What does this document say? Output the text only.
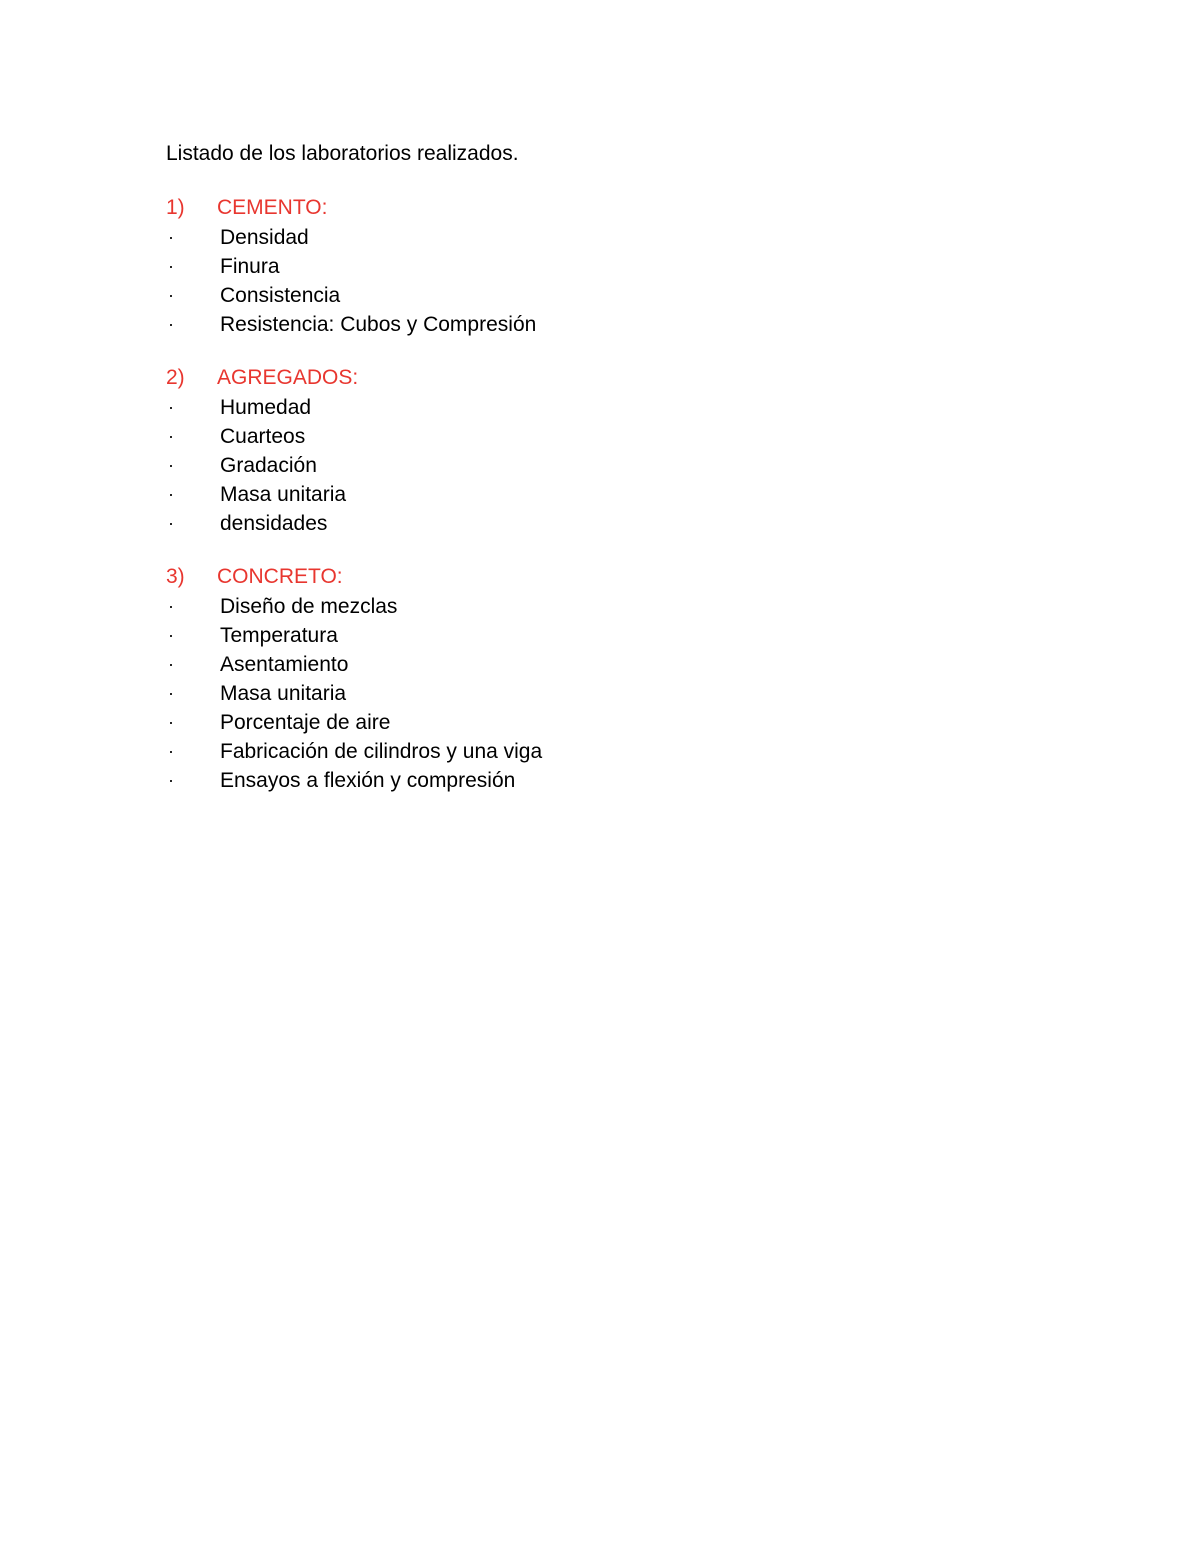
Listado de los laboratorios realizados.
1)	CEMENTO:
·	Densidad
·	Finura
·	Consistencia
·	Resistencia: Cubos y Compresión
2)	AGREGADOS:
·	Humedad
·	Cuarteos
·	Gradación
·	Masa unitaria
·	densidades
3)	CONCRETO:
·	Diseño de mezclas
·	Temperatura
·	Asentamiento
·	Masa unitaria
·	Porcentaje de aire
·	Fabricación de cilindros y una viga
·	Ensayos a flexión y compresión
